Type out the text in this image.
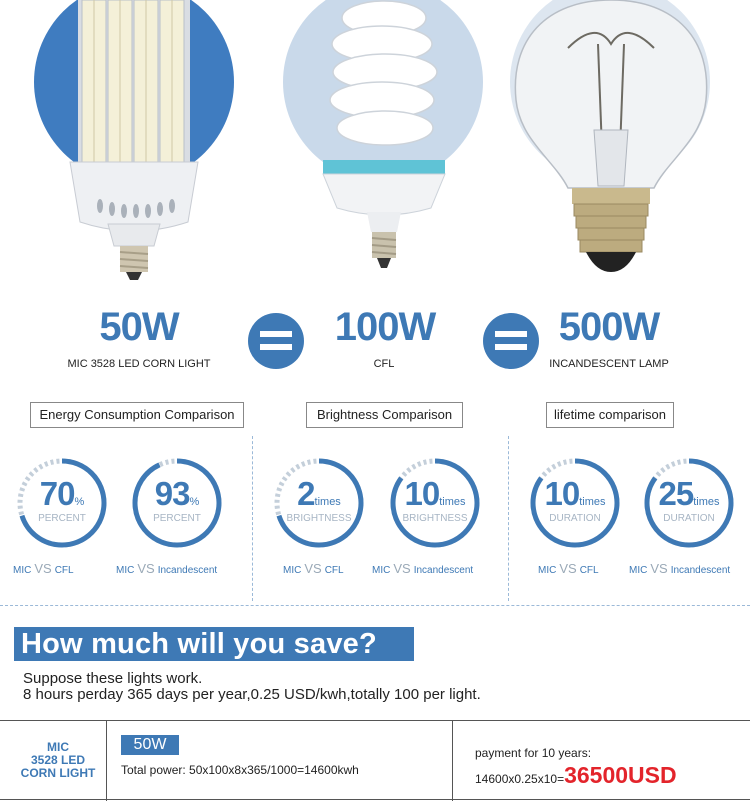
50W
MIC 3528 LED CORN LIGHT
100W
CFL
500W
INCANDESCENT LAMP
Energy Consumption Comparison	Brightness Comparison	lifetime comparison
70%
PERCENT
MIC VS CFL
93%
PERCENT
MIC VS Incandescent
2times
BRIGHTNESS
MIC VS CFL
10times
BRIGHTNESS
MIC VS Incandescent
10times
DURATION
MIC VS CFL
25times
DURATION
MIC VS Incandescent
How much will you save?
Suppose these lights work.
8 hours perday 365 days per year,0.25 USD/kwh,totally 100 per light.
MIC
3528 LED
CORN LIGHT
50W
Total power: 50x100x8x365/1000=14600kwh
payment for 10 years:
14600x0.25x10=36500USD
